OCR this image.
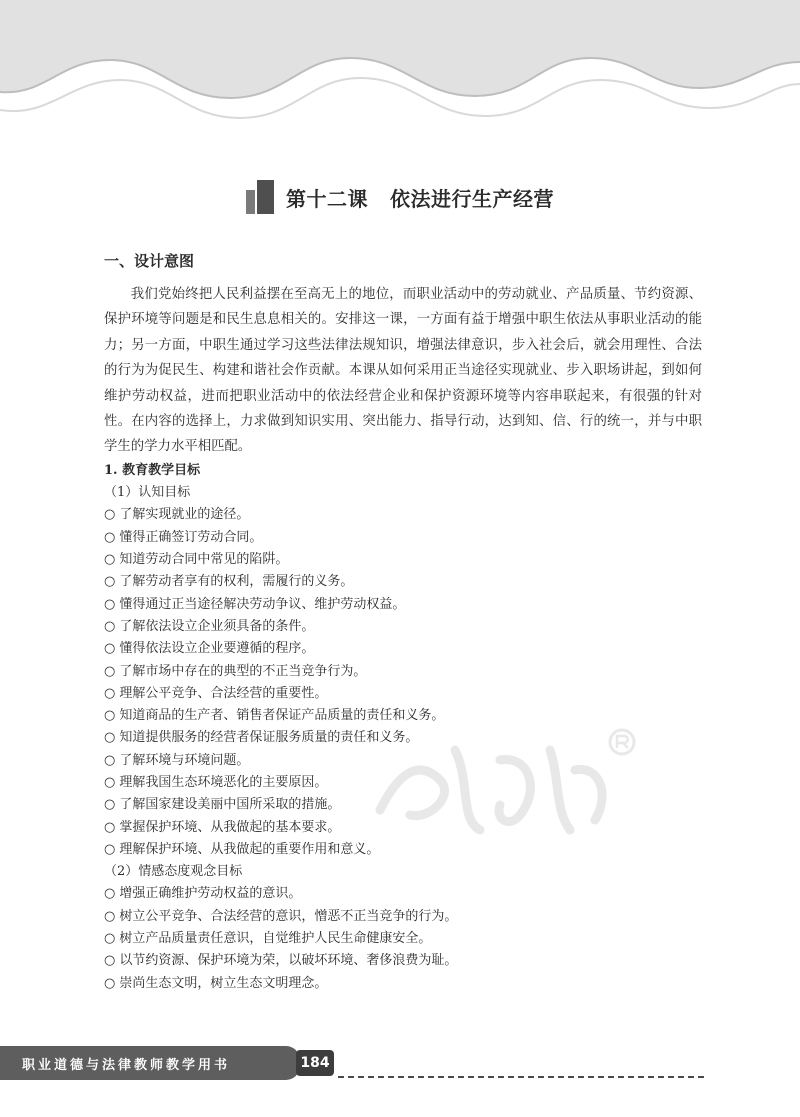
第十二课 依法进行生产经营
一、设计意图

我们党始终把人民利益摆在至高无上的地位，而职业活动中的劳动就业、产品质量、节约资源、保护环境等问题是和民生息息相关的。安排这一课，一方面有益于增强中职生依法从事职业活动的能力；另一方面，中职生通过学习这些法律法规知识，增强法律意识，步入社会后，就会用理性、合法的行为为促民生、构建和谐社会作贡献。本课从如何采用正当途径实现就业、步入职场讲起，到如何维护劳动权益，进而把职业活动中的依法经营企业和保护资源环境等内容串联起来，有很强的针对性。在内容的选择上，力求做到知识实用、突出能力、指导行动，达到知、信、行的统一，并与中职学生的学力水平相匹配。

1. 教育教学目标
（1）认知目标
○ 了解实现就业的途径。
○ 懂得正确签订劳动合同。
○ 知道劳动合同中常见的陷阱。
○ 了解劳动者享有的权利，需履行的义务。
○ 懂得通过正当途径解决劳动争议、维护劳动权益。
○ 了解依法设立企业须具备的条件。
○ 懂得依法设立企业要遵循的程序。
○ 了解市场中存在的典型的不正当竞争行为。
○ 理解公平竞争、合法经营的重要性。
○ 知道商品的生产者、销售者保证产品质量的责任和义务。
○ 知道提供服务的经营者保证服务质量的责任和义务。
○ 了解环境与环境问题。
○ 理解我国生态环境恶化的主要原因。
○ 了解国家建设美丽中国所采取的措施。
○ 掌握保护环境、从我做起的基本要求。
○ 理解保护环境、从我做起的重要作用和意义。
（2）情感态度观念目标
○ 增强正确维护劳动权益的意识。
○ 树立公平竞争、合法经营的意识，憎恶不正当竞争的行为。
○ 树立产品质量责任意识，自觉维护人民生命健康安全。
○ 以节约资源、保护环境为荣，以破坏环境、奢侈浪费为耻。
○ 崇尚生态文明，树立生态文明理念。
职业道德与法律教师教学用书	184
